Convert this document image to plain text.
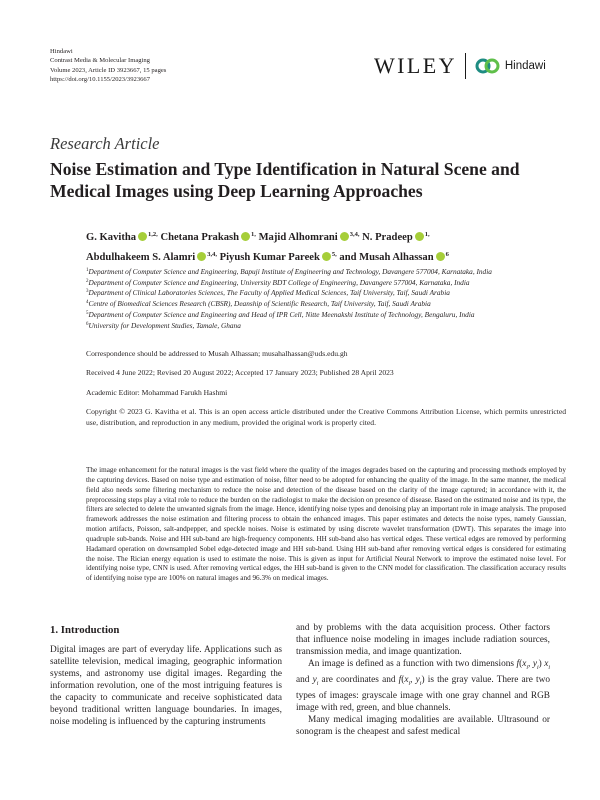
Hindawi
Contrast Media & Molecular Imaging
Volume 2023, Article ID 3923667, 15 pages
https://doi.org/10.1155/2023/3923667
WILEY	Hindawi
Research Article
Noise Estimation and Type Identification in Natural Scene and Medical Images using Deep Learning Approaches
G. Kavitha $^{1,2,}$ Chetana Prakash $^{1,}$ Majid Alhomrani $^{3,4,}$ N. Pradeep $^{1,}$
Abdulhakeem S. Alamri $^{3,4,}$ Piyush Kumar Pareek $^{5,}$ and Musah Alhassan $^6$
$^1$Department of Computer Science and Engineering, Bapuji Institute of Engineering and Technology, Davangere 577004, Karnataka, India
$^2$Department of Computer Science and Engineering, University BDT College of Engineering, Davangere 577004, Karnataka, India
$^3$Department of Clinical Laboratories Sciences, The Faculty of Applied Medical Sciences, Taif University, Taif, Saudi Arabia
$^4$Centre of Biomedical Sciences Research (CBSR), Deanship of Scientific Research, Taif University, Taif, Saudi Arabia
$^5$Department of Computer Science and Engineering and Head of IPR Cell, Nitte Meenakshi Institute of Technology, Bengaluru, India
$^6$University for Development Studies, Tamale, Ghana
Correspondence should be addressed to Musah Alhassan; musahalhassan@uds.edu.gh
Received 4 June 2022; Revised 20 August 2022; Accepted 17 January 2023; Published 28 April 2023
Academic Editor: Mohammad Farukh Hashmi
Copyright © 2023 G. Kavitha et al. This is an open access article distributed under the Creative Commons Attribution License, which permits unrestricted use, distribution, and reproduction in any medium, provided the original work is properly cited.
The image enhancement for the natural images is the vast field where the quality of the images degrades based on the capturing and processing methods employed by the capturing devices. Based on noise type and estimation of noise, filter need to be adopted for enhancing the quality of the image. In the same manner, the medical field also needs some filtering mechanism to reduce the noise and detection of the disease based on the clarity of the image captured; in accordance with it, the preprocessing steps play a vital role to reduce the burden on the radiologist to make the decision on presence of disease. Based on the estimated noise and its type, the filters are selected to delete the unwanted signals from the image. Hence, identifying noise types and denoising play an important role in image analysis. The proposed framework addresses the noise estimation and filtering process to obtain the enhanced images. This paper estimates and detects the noise types, namely Gaussian, motion artifacts, Poisson, salt-andpepper, and speckle noises. Noise is estimated by using discrete wavelet transformation (DWT). This separates the image into quadruple sub-bands. Noise and HH sub-band are high-frequency components. HH sub-band also has vertical edges. These vertical edges are removed by performing Hadamard operation on downsampled Sobel edge-detected image and HH sub-band. Using HH sub-band after removing vertical edges is considered for estimating the noise. The Rician energy equation is used to estimate the noise. This is given as input for Artificial Neural Network to improve the estimated noise level. For identifying noise type, CNN is used. After removing vertical edges, the HH sub-band is given to the CNN model for classification. The classification accuracy results of identifying noise type are 100% on natural images and 96.3% on medical images.
1. Introduction

Digital images are part of everyday life. Applications such as satellite television, medical imaging, geographic information systems, and astronomy use digital images. Regarding the information revolution, one of the most intriguing features is the capacity to communicate and receive sophisticated data beyond traditional written language boundaries. In images, noise modeling is influenced by the capturing instruments

and by problems with the data acquisition process. Other factors that influence noise modeling in images include radiation sources, transmission media, and image quantization.

An image is defined as a function with two dimensions $f(x_i$, $y_i$) $x_i$ and $y_i$ are coordinates and $f(x_i$, $y_i$) is the gray value. There are two types of images: grayscale image with one gray channel and RGB image with red, green, and blue channels.

Many medical imaging modalities are available. Ultrasound or sonogram is the cheapest and safest medical
